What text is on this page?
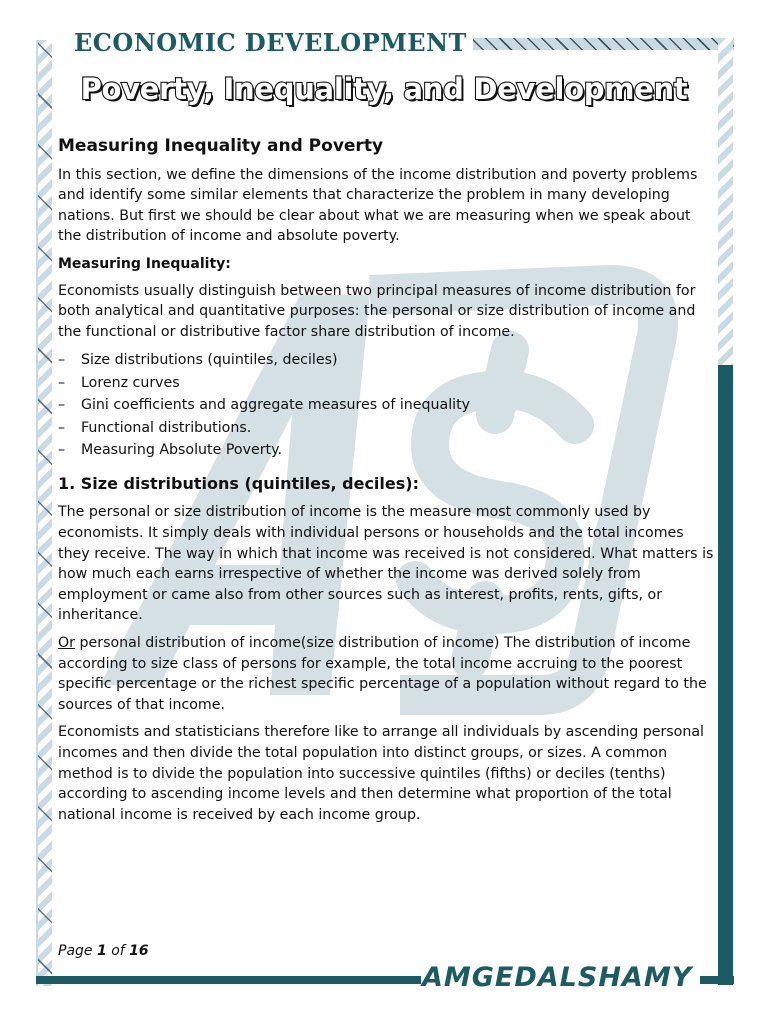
ECONOMIC DEVELOPMENT
Poverty, Inequality, and Development
Measuring Inequality and Poverty

In this section, we define the dimensions of the income distribution and poverty problems and identify some similar elements that characterize the problem in many developing nations. But first we should be clear about what we are measuring when we speak about the distribution of income and absolute poverty.

Measuring Inequality:

Economists usually distinguish between two principal measures of income distribution for both analytical and quantitative purposes: the personal or size distribution of income and the functional or distributive factor share distribution of income.

– Size distributions (quintiles, deciles)
– Lorenz curves
– Gini coefficients and aggregate measures of inequality
– Functional distributions.
– Measuring Absolute Poverty.
1. Size distributions (quintiles, deciles):

The personal or size distribution of income is the measure most commonly used by economists. It simply deals with individual persons or households and the total incomes they receive. The way in which that income was received is not considered. What matters is how much each earns irrespective of whether the income was derived solely from employment or came also from other sources such as interest, profits, rents, gifts, or inheritance.

Or personal distribution of income(size distribution of income) The distribution of income according to size class of persons for example, the total income accruing to the poorest specific percentage or the richest specific percentage of a population without regard to the sources of that income.

Economists and statisticians therefore like to arrange all individuals by ascending personal incomes and then divide the total population into distinct groups, or sizes. A common method is to divide the population into successive quintiles (fifths) or deciles (tenths) according to ascending income levels and then determine what proportion of the total national income is received by each income group.

Page 1 of 16
AMGEDALSHAMY
